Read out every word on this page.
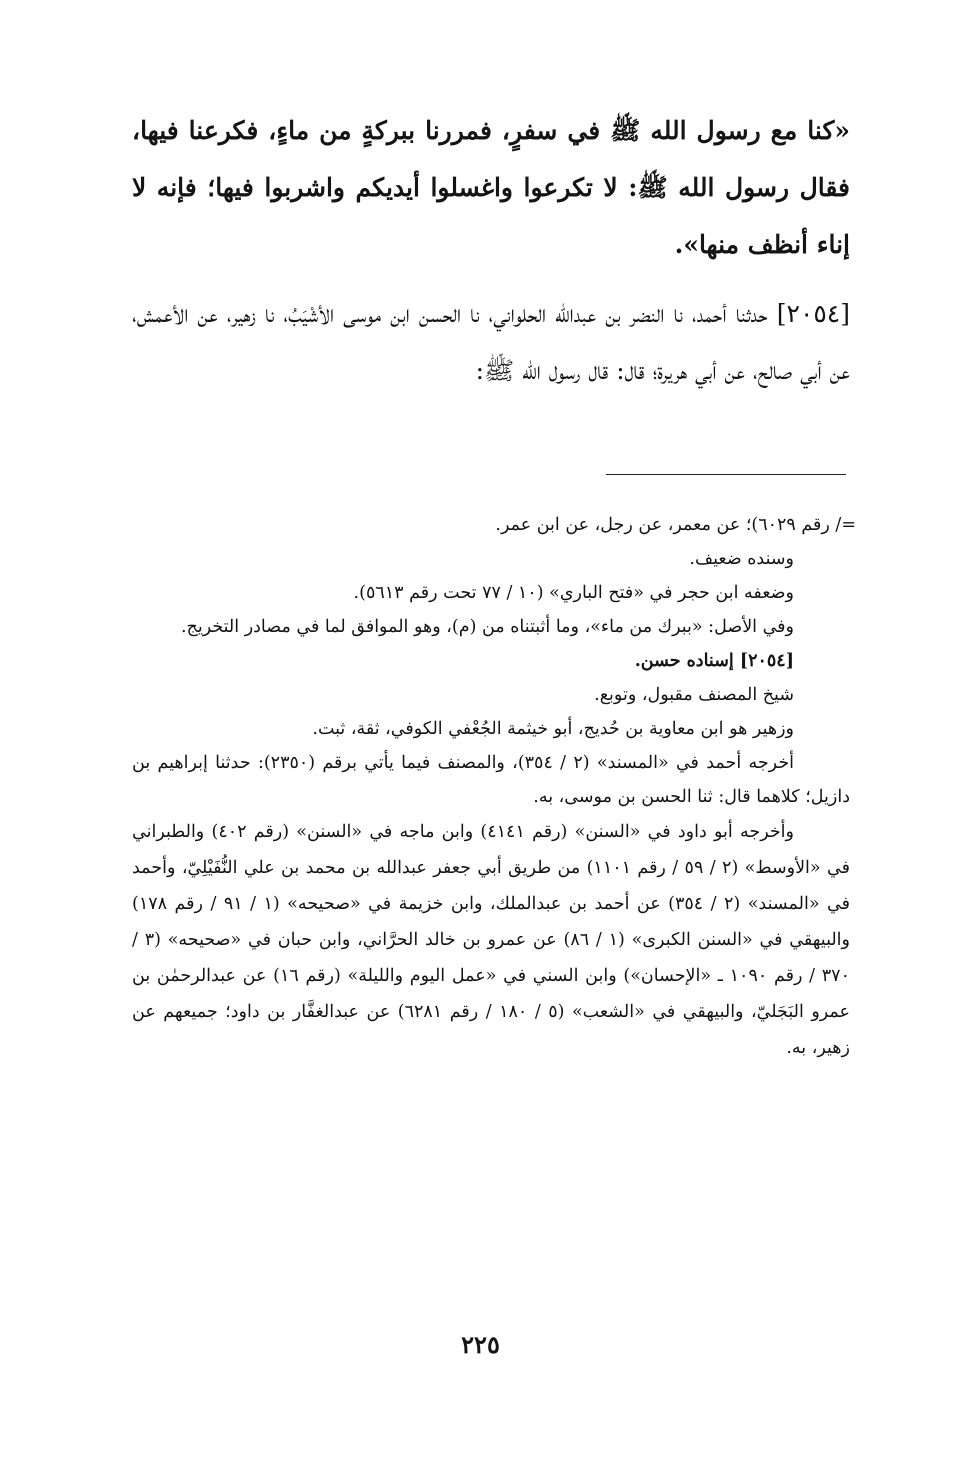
«كنا مع رسول الله ﷺ في سفرٍ، فمررنا ببركةٍ من ماءٍ، فكرعنا فيها، فقال رسول الله ﷺ: لا تكرعوا واغسلوا أيديكم واشربوا فيها؛ فإنه لا إناء أنظف منها».

[٢٠٥٤] حدثنا أحمد، نا النضر بن عبدالله الحلواني، نا الحسن ابن موسى الأشْيَبُ، نا زهير، عن الأعمش، عن أبي صالح، عن أبي هريرة؛ قال: قال رسول الله ﷺ:

=/ رقم ٦٠٢٩)؛ عن معمر، عن رجل، عن ابن عمر.

وسنده ضعيف.

وضعفه ابن حجر في «فتح الباري» (١٠ / ٧٧ تحت رقم ٥٦١٣).

وفي الأصل: «ببرك من ماء»، وما أثبتناه من (م)، وهو الموافق لما في مصادر التخريج.

[٢٠٥٤] إسناده حسن.

شيخ المصنف مقبول، وتوبع.

وزهير هو ابن معاوية بن حُديج، أبو خيثمة الجُعْفي الكوفي، ثقة، ثبت.

أخرجه أحمد في «المسند» (٢ / ٣٥٤)، والمصنف فيما يأتي برقم (٢٣٥٠): حدثنا إبراهيم بن دازيل؛ كلاهما قال: ثنا الحسن بن موسى، به.

وأخرجه أبو داود في «السنن» (رقم ٤١٤١) وابن ماجه في «السنن» (رقم ٤٠٢) والطبراني في «الأوسط» (٢ / ٥٩ / رقم ١١٠١) من طريق أبي جعفر عبدالله بن محمد بن علي النُّفَيْلِيّ، وأحمد في «المسند» (٢ / ٣٥٤) عن أحمد بن عبدالملك، وابن خزيمة في «صحيحه» (١ / ٩١ / رقم ١٧٨) والبيهقي في «السنن الكبرى» (١ / ٨٦) عن عمرو بن خالد الحرَّاني، وابن حبان في «صحيحه» (٣ / ٣٧٠ / رقم ١٠٩٠ ـ «الإحسان») وابن السني في «عمل اليوم والليلة» (رقم ١٦) عن عبدالرحمٰن بن عمرو البَجَليّ، والبيهقي في «الشعب» (٥ / ١٨٠ / رقم ٦٢٨١) عن عبدالغفَّار بن داود؛ جميعهم عن زهير، به.

٢٢٥
